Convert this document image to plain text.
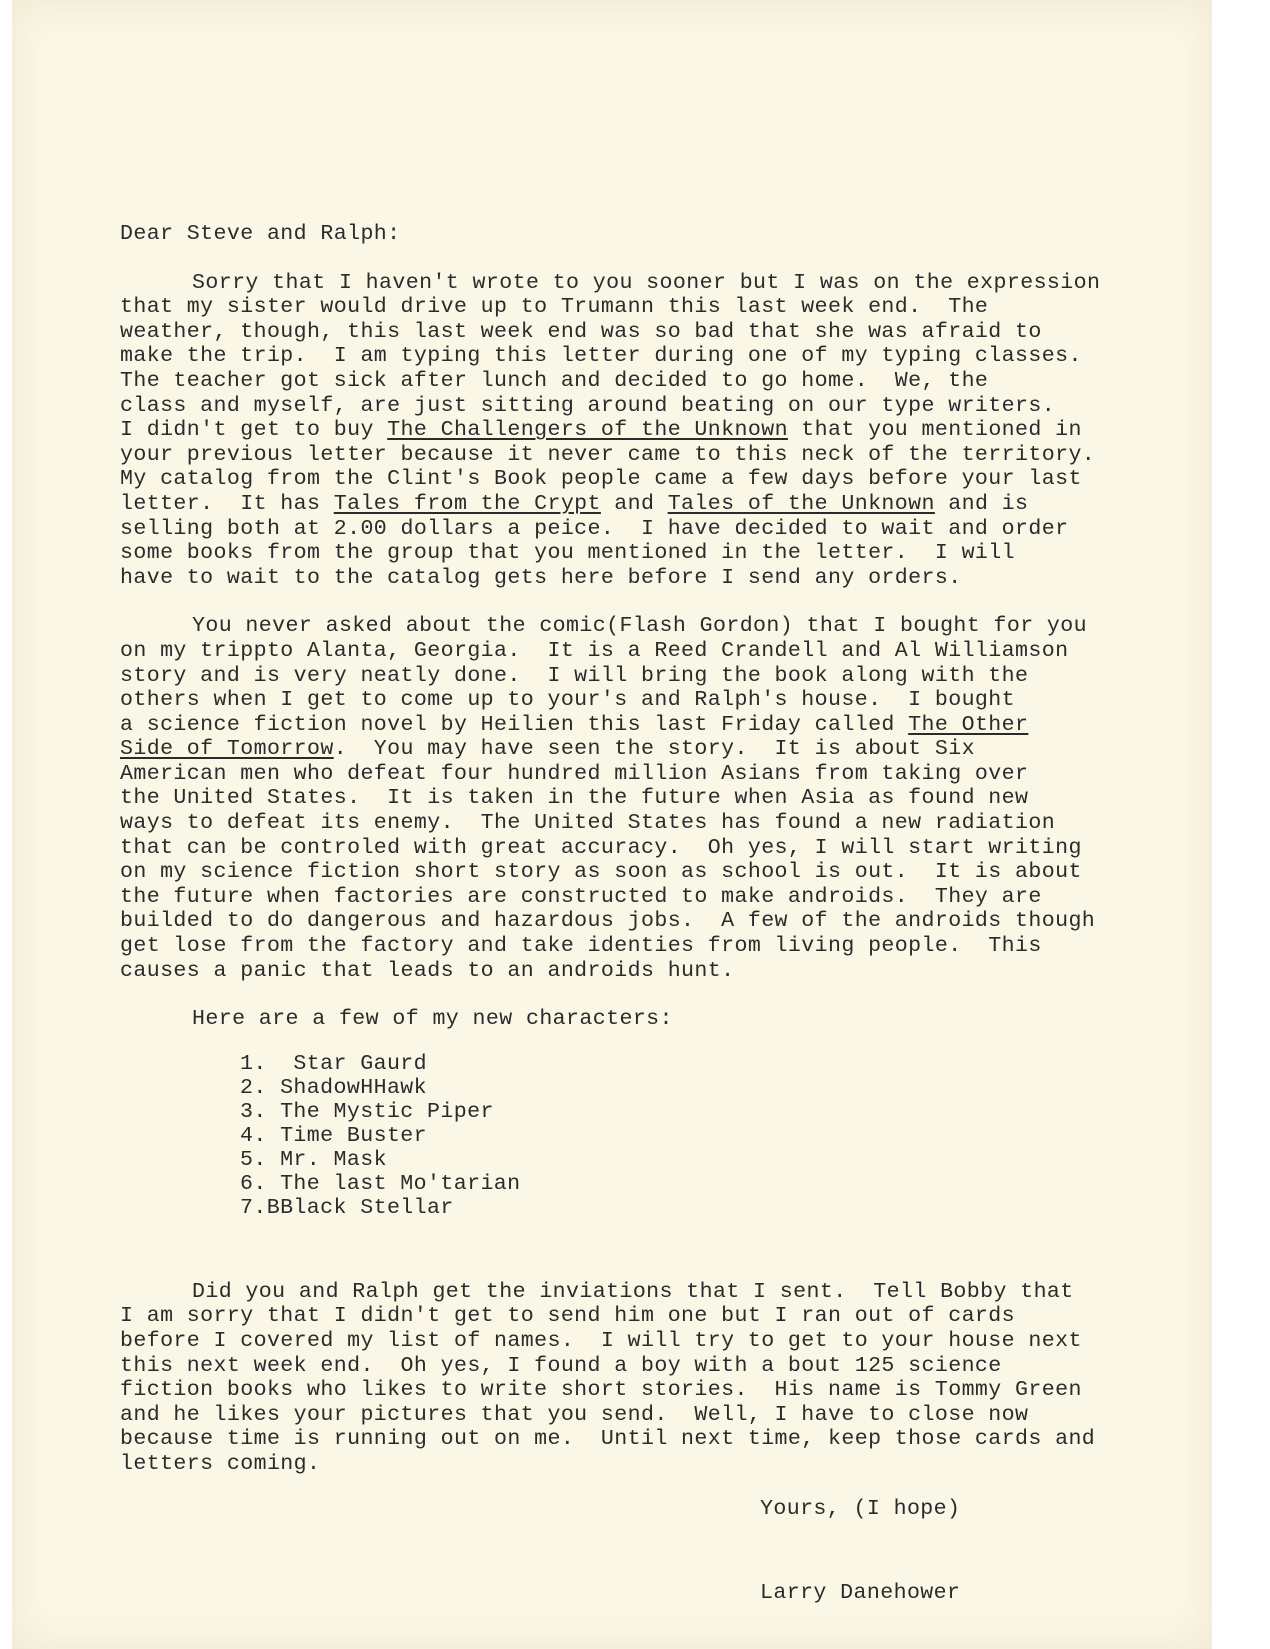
Dear Steve and Ralph:
Sorry that I haven't wrote to you sooner but I was on the expression
that my sister would drive up to Trumann this last week end.  The
weather, though, this last week end was so bad that she was afraid to
make the trip.  I am typing this letter during one of my typing classes.
The teacher got sick after lunch and decided to go home.  We, the
class and myself, are just sitting around beating on our type writers.
I didn't get to buy The Challengers of the Unknown that you mentioned in
your previous letter because it never came to this neck of the territory.
My catalog from the Clint's Book people came a few days before your last
letter.  It has Tales from the Crypt and Tales of the Unknown and is
selling both at 2.00 dollars a peice.  I have decided to wait and order
some books from the group that you mentioned in the letter.  I will
have to wait to the catalog gets here before I send any orders.
You never asked about the comic(Flash Gordon) that I bought for you
on my trippto Alanta, Georgia.  It is a Reed Crandell and Al Williamson
story and is very neatly done.  I will bring the book along with the
others when I get to come up to your's and Ralph's house.  I bought
a science fiction novel by Heilien this last Friday called The Other
Side of Tomorrow.  You may have seen the story.  It is about Six
American men who defeat four hundred million Asians from taking over
the United States.  It is taken in the future when Asia as found new
ways to defeat its enemy.  The United States has found a new radiation
that can be controled with great accuracy.  Oh yes, I will start writing
on my science fiction short story as soon as school is out.  It is about
the future when factories are constructed to make androids.  They are
builded to do dangerous and hazardous jobs.  A few of the androids though
get lose from the factory and take identies from living people.  This
causes a panic that leads to an androids hunt.
Here are a few of my new characters:
1.  Star Gaurd
2. ShadowHHawk
3. The Mystic Piper
4. Time Buster
5. Mr. Mask
6. The last Mo'tarian
7.BBlack Stellar
Did you and Ralph get the inviations that I sent.  Tell Bobby that
I am sorry that I didn't get to send him one but I ran out of cards
before I covered my list of names.  I will try to get to your house next
this next week end.  Oh yes, I found a boy with a bout 125 science
fiction books who likes to write short stories.  His name is Tommy Green
and he likes your pictures that you send.  Well, I have to close now
because time is running out on me.  Until next time, keep those cards and
letters coming.
Yours, (I hope)
Larry Danehower
